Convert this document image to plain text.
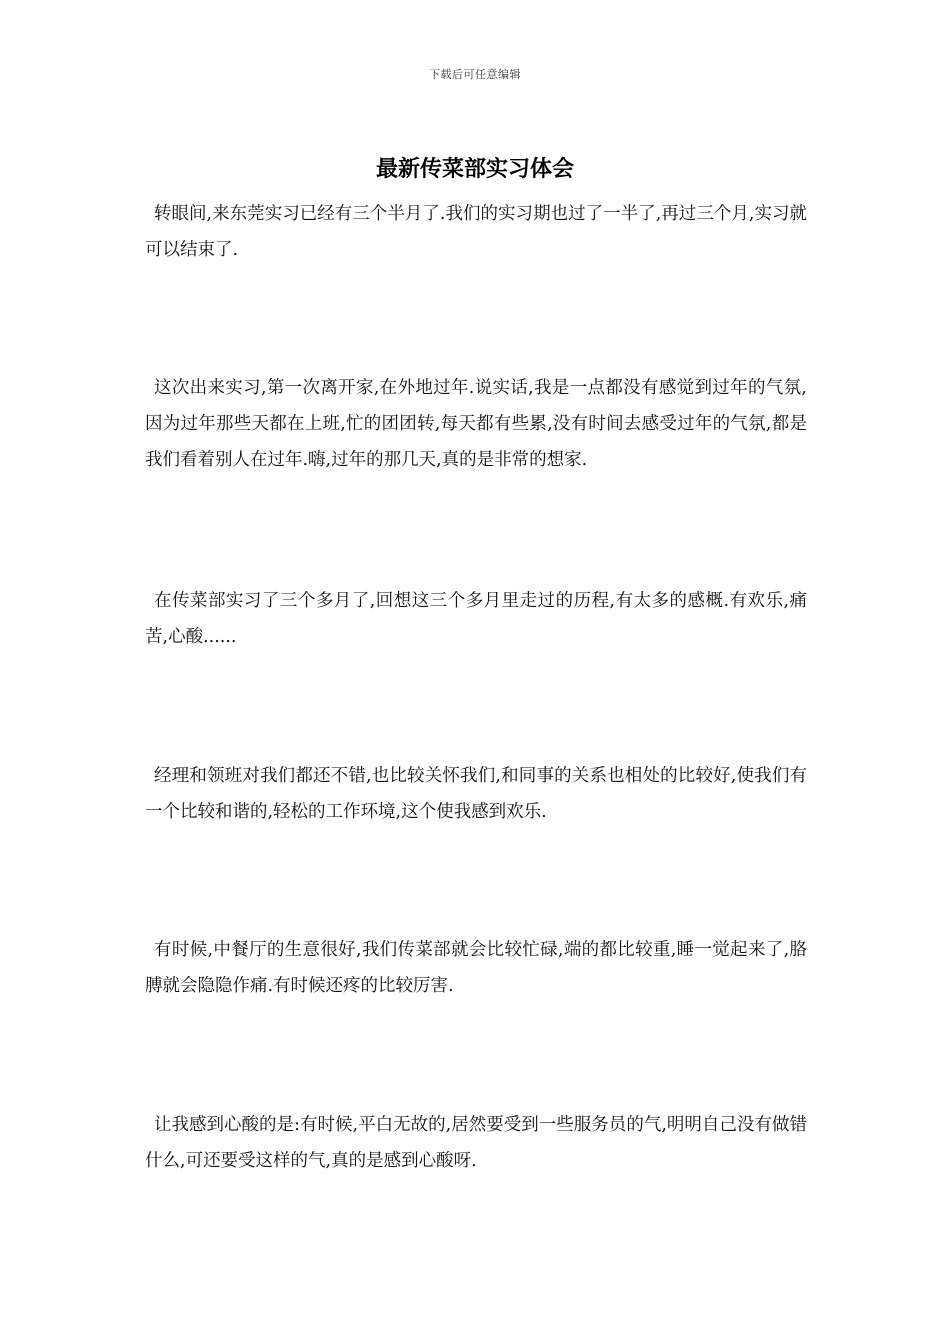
下载后可任意编辑
最新传菜部实习体会

转眼间,来东莞实习已经有三个半月了.我们的实习期也过了一半了,再过三个月,实习就可以结束了.

这次出来实习,第一次离开家,在外地过年.说实话,我是一点都没有感觉到过年的气氛,因为过年那些天都在上班,忙的团团转,每天都有些累,没有时间去感受过年的气氛,都是我们看着别人在过年.嗨,过年的那几天,真的是非常的想家.

在传菜部实习了三个多月了,回想这三个多月里走过的历程,有太多的感概.有欢乐,痛苦,心酸......

经理和领班对我们都还不错,也比较关怀我们,和同事的关系也相处的比较好,使我们有一个比较和谐的,轻松的工作环境,这个使我感到欢乐.

有时候,中餐厅的生意很好,我们传菜部就会比较忙碌,端的都比较重,睡一觉起来了,胳膊就会隐隐作痛.有时候还疼的比较厉害.

让我感到心酸的是:有时候,平白无故的,居然要受到一些服务员的气,明明自己没有做错什么,可还要受这样的气,真的是感到心酸呀.
